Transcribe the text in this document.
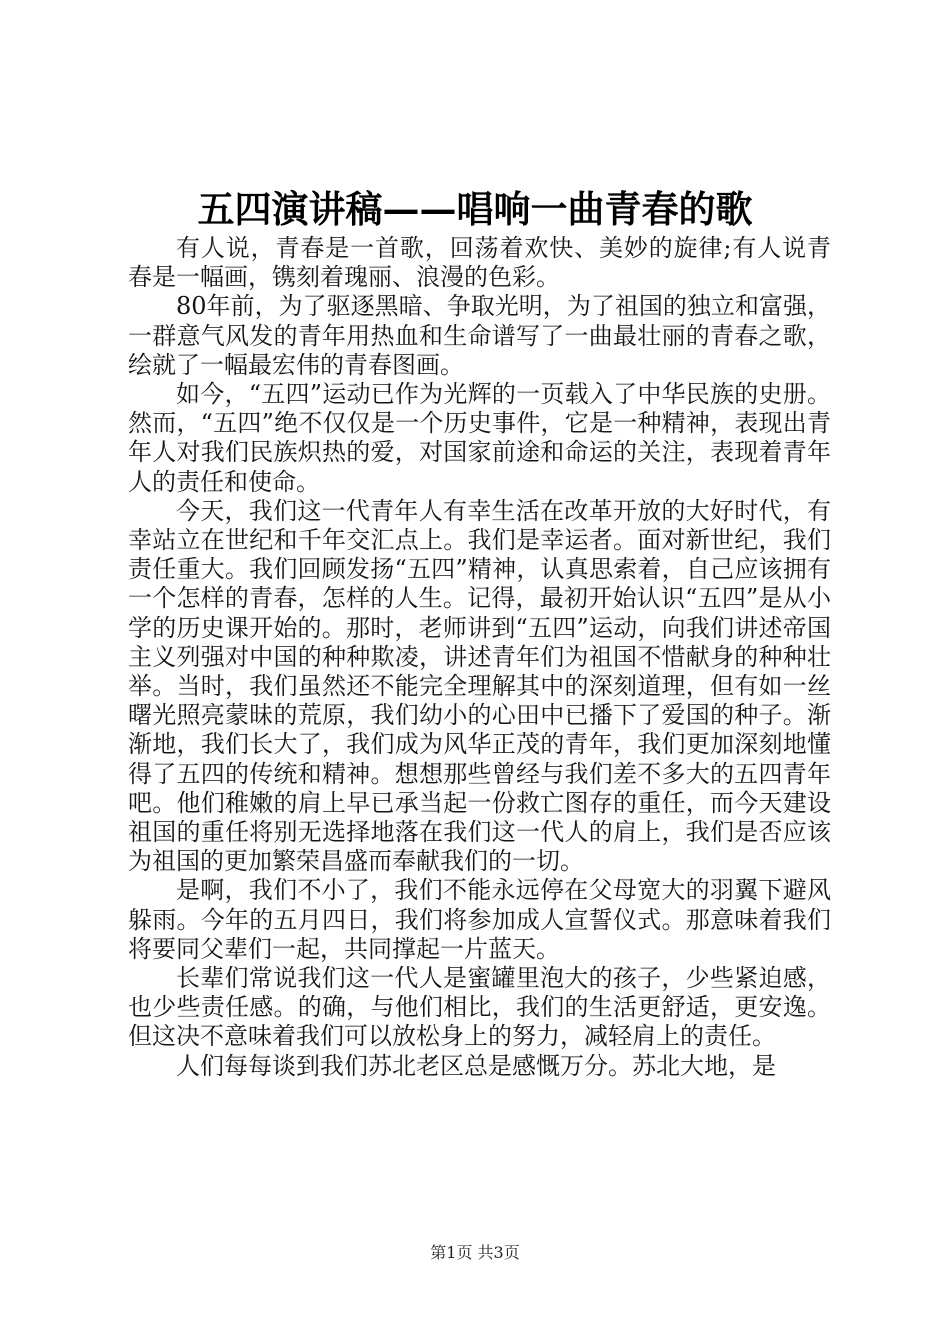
五四演讲稿——唱响一曲青春的歌

有人说，青春是一首歌，回荡着欢快、美妙的旋律;有人说青春是一幅画，镌刻着瑰丽、浪漫的色彩。

80年前，为了驱逐黑暗、争取光明，为了祖国的独立和富强，一群意气风发的青年用热血和生命谱写了一曲最壮丽的青春之歌，绘就了一幅最宏伟的青春图画。

如今，“五四”运动已作为光辉的一页载入了中华民族的史册。然而，“五四”绝不仅仅是一个历史事件，它是一种精神，表现出青年人对我们民族炽热的爱，对国家前途和命运的关注，表现着青年人的责任和使命。

今天，我们这一代青年人有幸生活在改革开放的大好时代，有幸站立在世纪和千年交汇点上。我们是幸运者。面对新世纪，我们责任重大。我们回顾发扬“五四”精神，认真思索着，自己应该拥有一个怎样的青春，怎样的人生。记得，最初开始认识“五四”是从小学的历史课开始的。那时，老师讲到“五四”运动，向我们讲述帝国主义列强对中国的种种欺凌，讲述青年们为祖国不惜献身的种种壮举。当时，我们虽然还不能完全理解其中的深刻道理，但有如一丝曙光照亮蒙昧的荒原，我们幼小的心田中已播下了爱国的种子。渐渐地，我们长大了，我们成为风华正茂的青年，我们更加深刻地懂得了五四的传统和精神。想想那些曾经与我们差不多大的五四青年吧。他们稚嫩的肩上早已承当起一份救亡图存的重任，而今天建设祖国的重任将别无选择地落在我们这一代人的肩上，我们是否应该为祖国的更加繁荣昌盛而奉献我们的一切。

是啊，我们不小了，我们不能永远停在父母宽大的羽翼下避风躲雨。今年的五月四日，我们将参加成人宣誓仪式。那意味着我们将要同父辈们一起，共同撑起一片蓝天。

长辈们常说我们这一代人是蜜罐里泡大的孩子，少些紧迫感，也少些责任感。的确，与他们相比，我们的生活更舒适，更安逸。但这决不意味着我们可以放松身上的努力，减轻肩上的责任。

人们每每谈到我们苏北老区总是感慨万分。苏北大地，是

第1页 共3页
